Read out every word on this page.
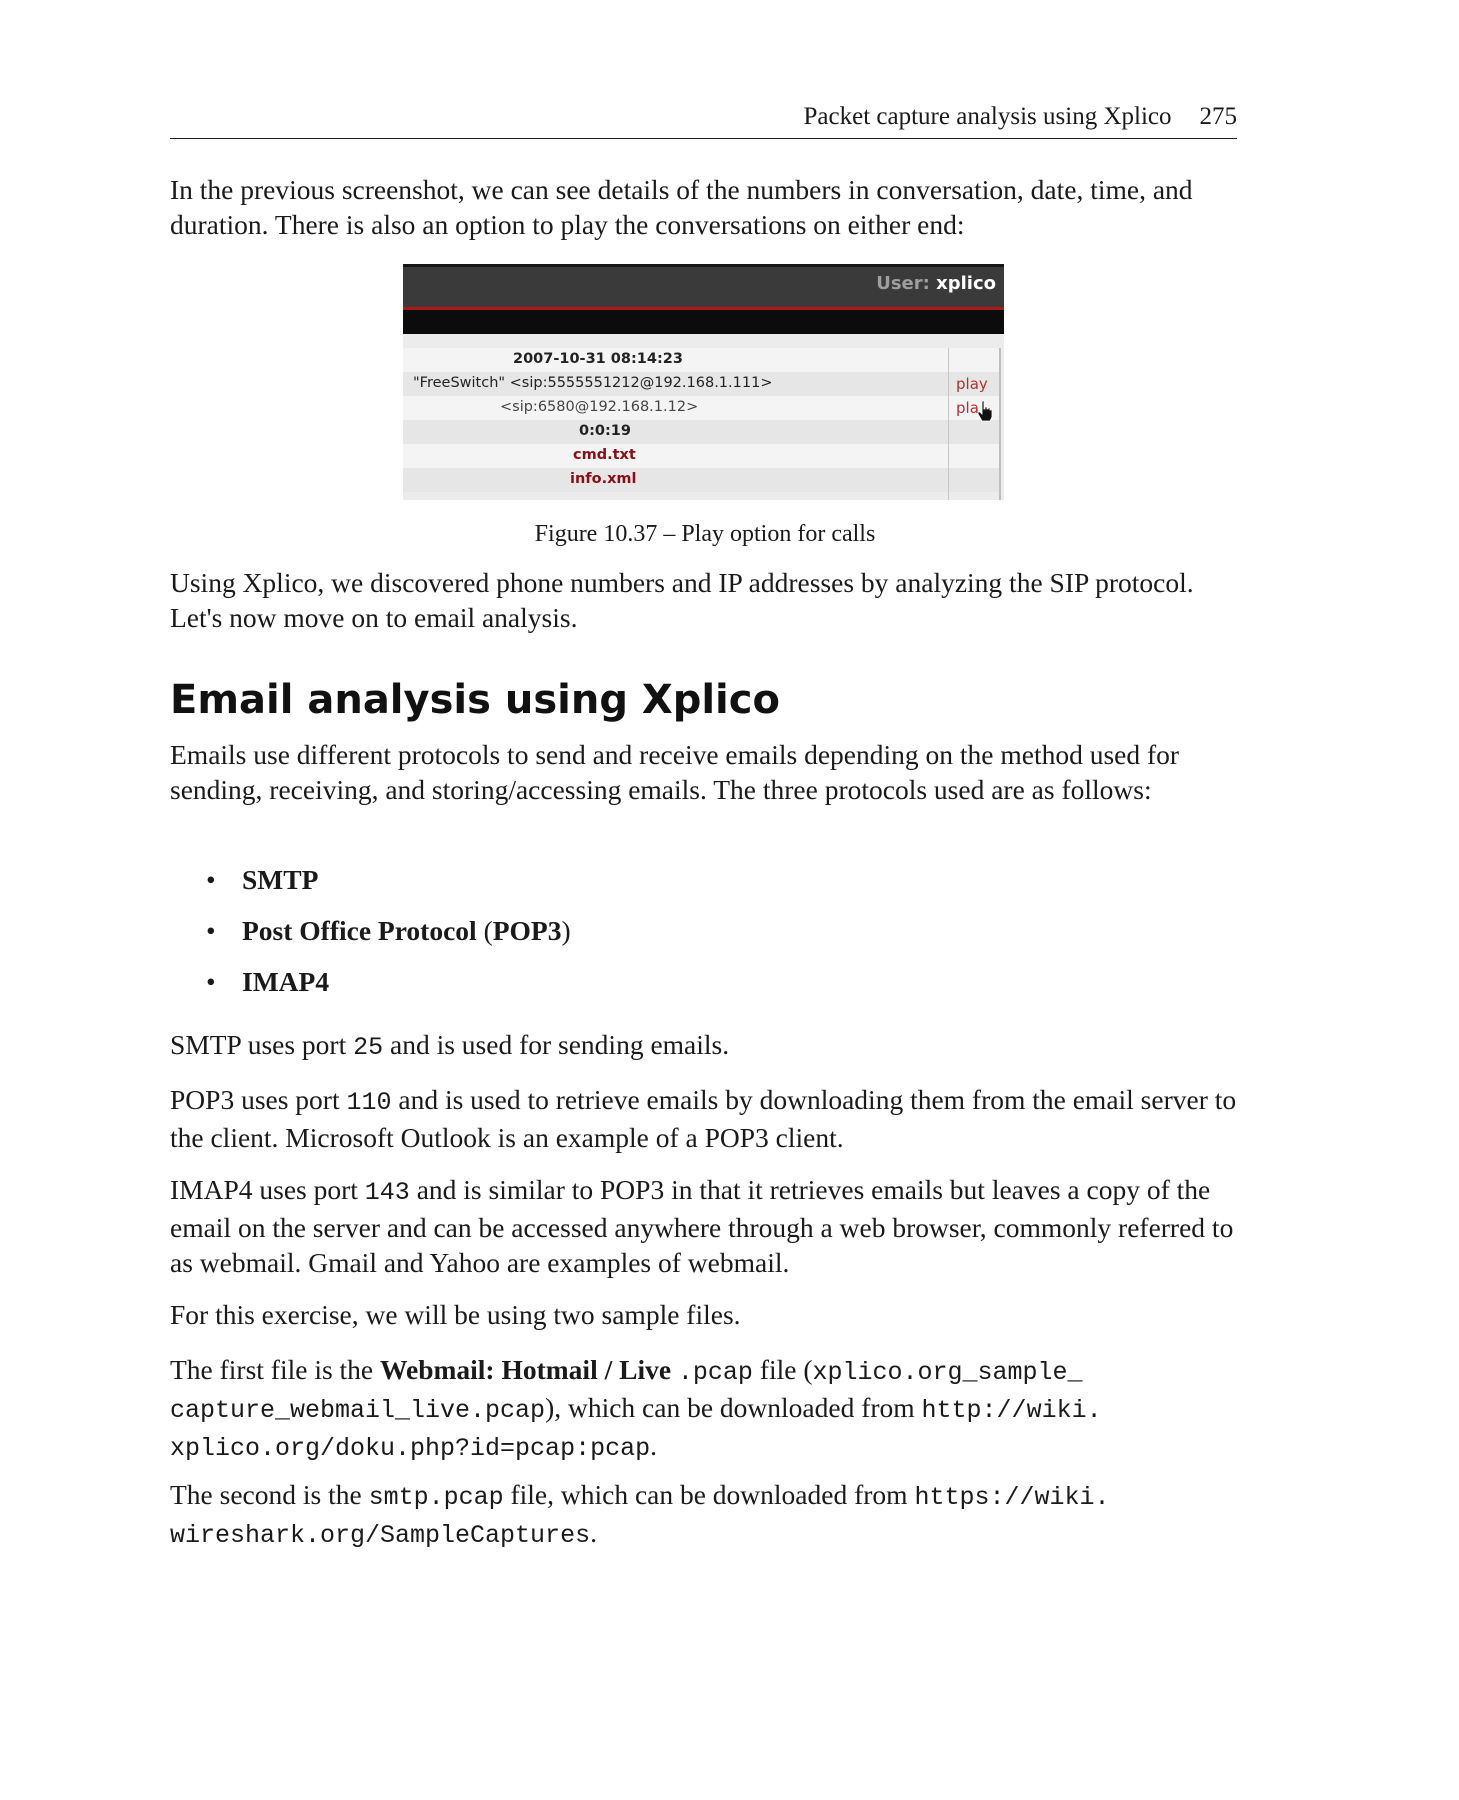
Packet capture analysis using Xplico 275

In the previous screenshot, we can see details of the numbers in conversation, date, time, and duration. There is also an option to play the conversations on either end:

User: xplico
2007-10-31 08:14:23
"FreeSwitch" <sip:5555551212@192.168.1.111>	play
<sip:6580@192.168.1.12>	pla
0:0:19
cmd.txt
info.xml
Figure 10.37 – Play option for calls

Using Xplico, we discovered phone numbers and IP addresses by analyzing the SIP protocol. Let's now move on to email analysis.

Email analysis using Xplico

Emails use different protocols to send and receive emails depending on the method used for sending, receiving, and storing/accessing emails. The three protocols used are as follows:

• SMTP
• Post Office Protocol (POP3)
• IMAP4

SMTP uses port 25 and is used for sending emails.

POP3 uses port 110 and is used to retrieve emails by downloading them from the email server to the client. Microsoft Outlook is an example of a POP3 client.

IMAP4 uses port 143 and is similar to POP3 in that it retrieves emails but leaves a copy of the email on the server and can be accessed anywhere through a web browser, commonly referred to as webmail. Gmail and Yahoo are examples of webmail.

For this exercise, we will be using two sample files.

The first file is the Webmail: Hotmail / Live .pcap file (xplico.org_sample_
capture_webmail_live.pcap), which can be downloaded from http://wiki.
xplico.org/doku.php?id=pcap:pcap.

The second is the smtp.pcap file, which can be downloaded from https://wiki.
wireshark.org/SampleCaptures.
